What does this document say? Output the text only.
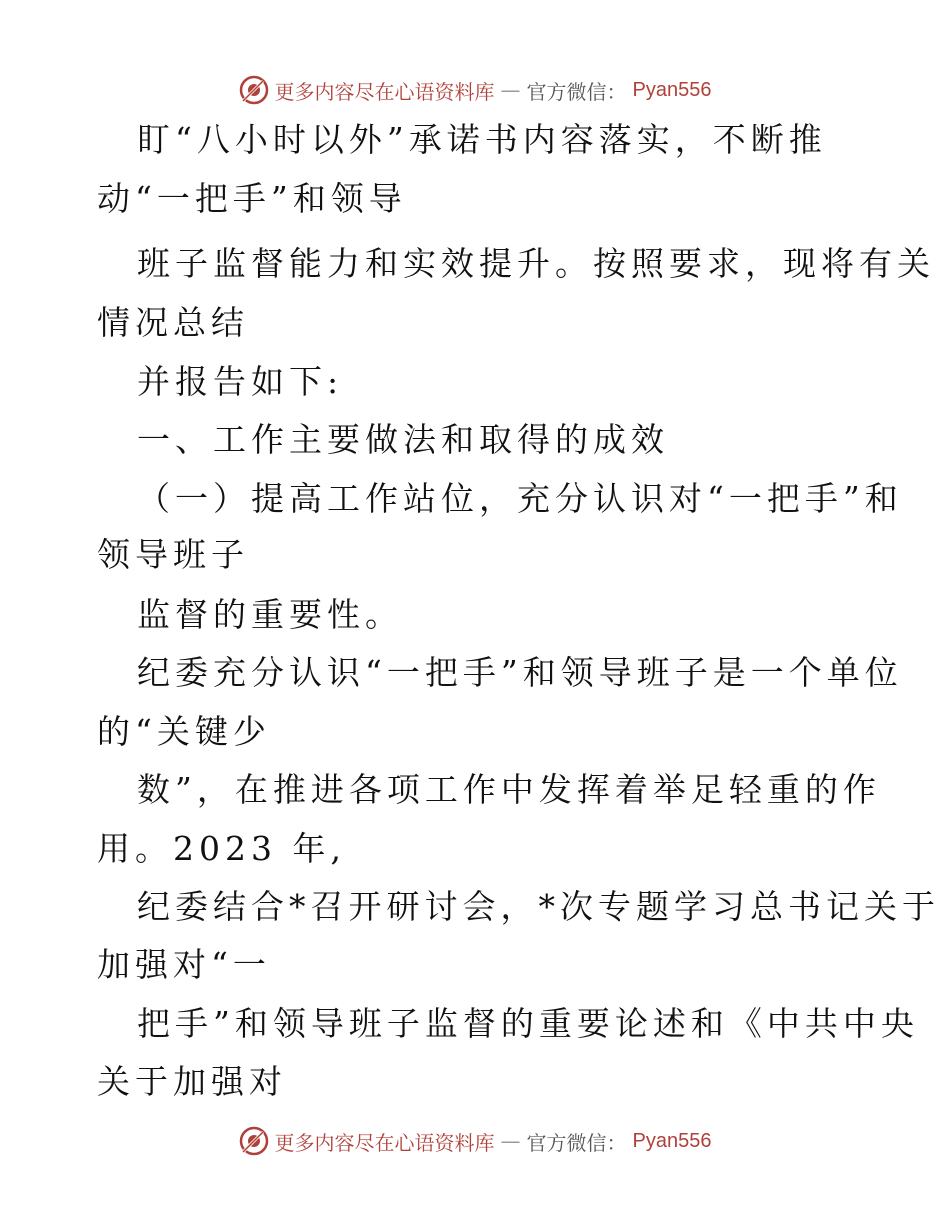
更多内容尽在心语资料库 — 官方微信： Pyan556
盯“八小时以外”承诺书内容落实，不断推
动“一把手”和领导
班子监督能力和实效提升。按照要求，现将有关
情况总结
并报告如下:
一、工作主要做法和取得的成效
（一）提高工作站位，充分认识对“一把手”和
领导班子
监督的重要性。
纪委充分认识“一把手”和领导班子是一个单位
的“关键少
数”，在推进各项工作中发挥着举足轻重的作
用。2023 年,
纪委结合*召开研讨会，*次专题学习总书记关于
加强对“一
把手”和领导班子监督的重要论述和《中共中央
关于加强对
更多内容尽在心语资料库 — 官方微信： Pyan556
